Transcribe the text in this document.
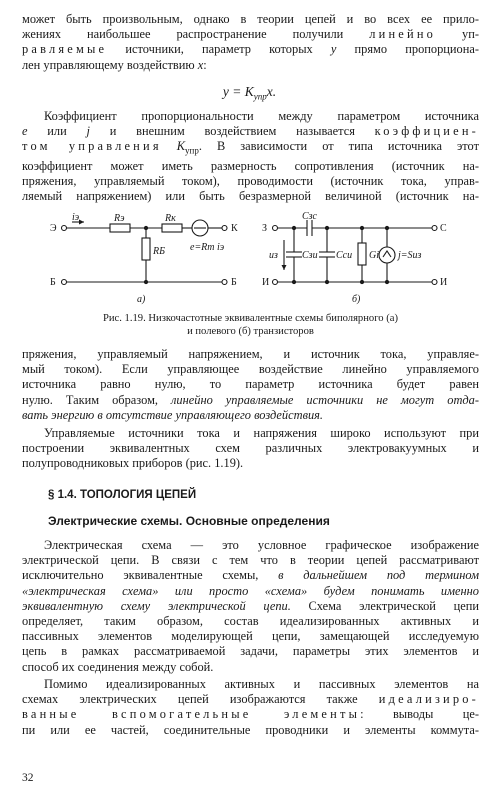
может быть произвольным, однако в теории цепей и во всех ее прило-
жениях наибольшее распространение получили линейно уп-
равляемые источники, параметр которых y прямо пропорциона-
лен управляющему воздействию x:

$y = K_{упр}x$.

Коэффициент пропорциональности между параметром источника
e или j и внешним воздействием называется коэффициен-
том управления $K_{упр}$. В зависимости от типа источника этот
коэффициент может иметь размерность сопротивления (источник на-
пряжения, управляемый током), проводимости (источник тока, управ-
ляемый напряжением) или быть безразмерной величиной (источник на-

Э
iэ	Rэ	Rк
К
e=Rm iэ
RБ
Б	Б
а)
З	С
uз
Cзс
Cзи Cси Gi j=Suз
И	И
б)
Рис. 1.19. Низкочастотные эквивалентные схемы биполярного (а)
и полевого (б) транзисторов

пряжения, управляемый напряжением, и источник тока, управляе-
мый током). Если управляющее воздействие линейно управляемого
источника равно нулю, то параметр источника будет равен
нулю. Таким образом, линейно управляемые источники не могут отда-
вать энергию в отсутствие управляющего воздействия.

Управляемые источники тока и напряжения широко используют при
построении эквивалентных схем различных электровакуумных и
полупроводниковых приборов (рис. 1.19).

§ 1.4. ТОПОЛОГИЯ ЦЕПЕЙ
Электрические схемы. Основные определения

Электрическая схема — это условное графическое изображение
электрической цепи. В связи с тем что в теории цепей рассматривают
исключительно эквивалентные схемы, в дальнейшем под термином
«электрическая схема» или просто «схема» будем понимать именно
эквивалентную схему электрической цепи. Схема электрической цепи
определяет, таким образом, состав идеализированных активных и
пассивных элементов моделирующей цепи, замещающей исследуемую
цепь в рамках рассматриваемой задачи, параметры этих элементов и
способ их соединения между собой.

Помимо идеализированных активных и пассивных элементов на
схемах электрических цепей изображаются также идеализиро-
ванные вспомогательные элементы: выводы це-
пи или ее частей, соединительные проводники и элементы коммута-

32
